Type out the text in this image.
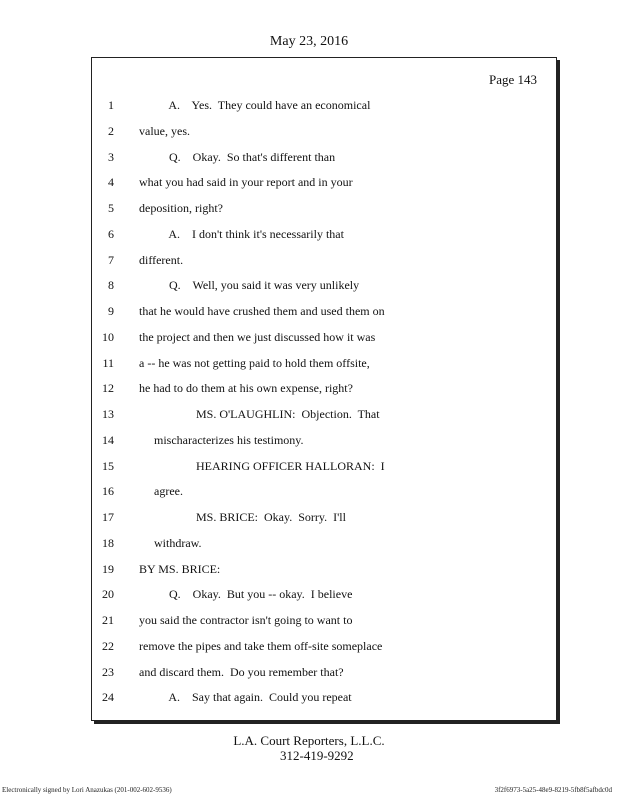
May 23, 2016
Page 143
1 A.    Yes.  They could have an economical
2 value, yes.
3 Q.    Okay.  So that's different than
4 what you had said in your report and in your
5 deposition, right?
6 A.    I don't think it's necessarily that
7 different.
8 Q.    Well, you said it was very unlikely
9 that he would have crushed them and used them on
10 the project and then we just discussed how it was
11 a -- he was not getting paid to hold them offsite,
12 he had to do them at his own expense, right?
13 MS. O'LAUGHLIN:  Objection.  That
14 mischaracterizes his testimony.
15 HEARING OFFICER HALLORAN:  I
16 agree.
17 MS. BRICE:  Okay.  Sorry.  I'll
18 withdraw.
19 BY MS. BRICE:
20 Q.    Okay.  But you -- okay.  I believe
21 you said the contractor isn't going to want to
22 remove the pipes and take them off-site someplace
23 and discard them.  Do you remember that?
24 A.    Say that again.  Could you repeat
L.A. Court Reporters, L.L.C.
312-419-9292
Electronically signed by Lori Anazukas (201-002-602-9536)	3f2f6973-5a25-48e9-8219-5fb8f5afbdc0d
